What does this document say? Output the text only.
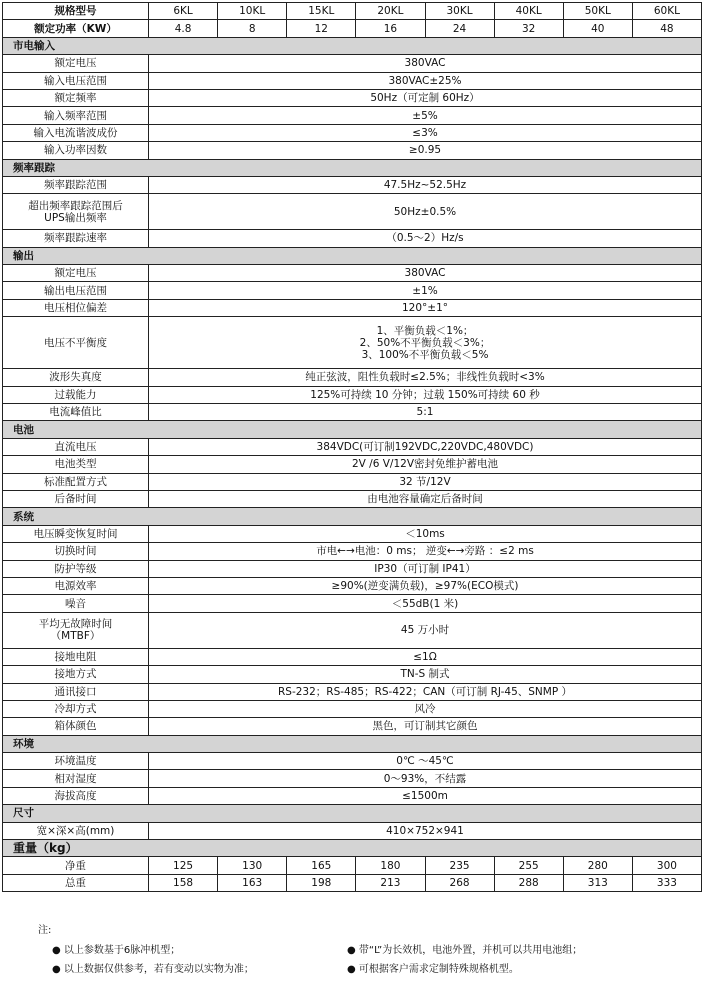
规格型号	6KL	10KL	15KL	20KL	30KL	40KL	50KL	60KL
额定功率（KW）	4.8	8	12	16	24	32	40	48
市电输入								
额定电压	380VAC							
输入电压范围	380VAC±25%							
额定频率	50Hz（可定制 60Hz）							
输入频率范围	±5%							
输入电流谐波成份	≤3%							
输入功率因数	≥0.95							
频率跟踪								
频率跟踪范围	47.5Hz~52.5Hz							

超出频率跟踪范围后
UPS输出频率	50Hz±0.5%							
频率跟踪速率	（0.5～2）Hz/s							
输出								
额定电压	380VAC							
输出电压范围	±1%							
电压相位偏差	120°±1°							
电压不平衡度	1、平衡负载＜1%；
2、50%不平衡负载＜3%；
3、100%不平衡负载＜5%							

波形失真度	纯正弦波，阻性负载时≤2.5%；非线性负载时<3%							
过载能力	125%可持续 10 分钟；过载 150%可持续 60 秒							
电流峰值比	5:1							
电池								
直流电压	384VDC(可订制192VDC,220VDC,480VDC)							
电池类型	2V /6 V/12V密封免维护蓄电池							
标准配置方式	32 节/12V							
后备时间	由电池容量确定后备时间							
系统								
电压瞬变恢复时间	＜10ms							
切换时间	市电←→电池：0 ms； 逆变←→旁路 ：≤2 ms							
防护等级	IP30（可订制 IP41）							
电源效率	≥90%(逆变满负载)，≥97%(ECO模式)							
噪音	＜55dB(1 米)							

平均无故障时间
（MTBF）	45 万小时							
接地电阻	≤1Ω							
接地方式	TN-S 制式							
通讯接口	RS-232；RS-485；RS-422；CAN（可订制 RJ-45、SNMP ）							
冷却方式	风冷							
箱体颜色	黑色，可订制其它颜色							
环境								
环境温度	0℃ ～45℃							
相对湿度	0～93%，不结露							
海拔高度	≤1500m							
尺寸								
宽×深×高(mm)	410×752×941							
重量（kg）								
净重	125	130	165	180	235	255	280	300
总重	158	163	198	213	268	288	313	333
注:
● 以上参数基于6脉冲机型；
● 以上数据仅供参考，若有变动以实物为准；
● 带“L”为长效机，电池外置，并机可以共用电池组；
● 可根据客户需求定制特殊规格机型。
